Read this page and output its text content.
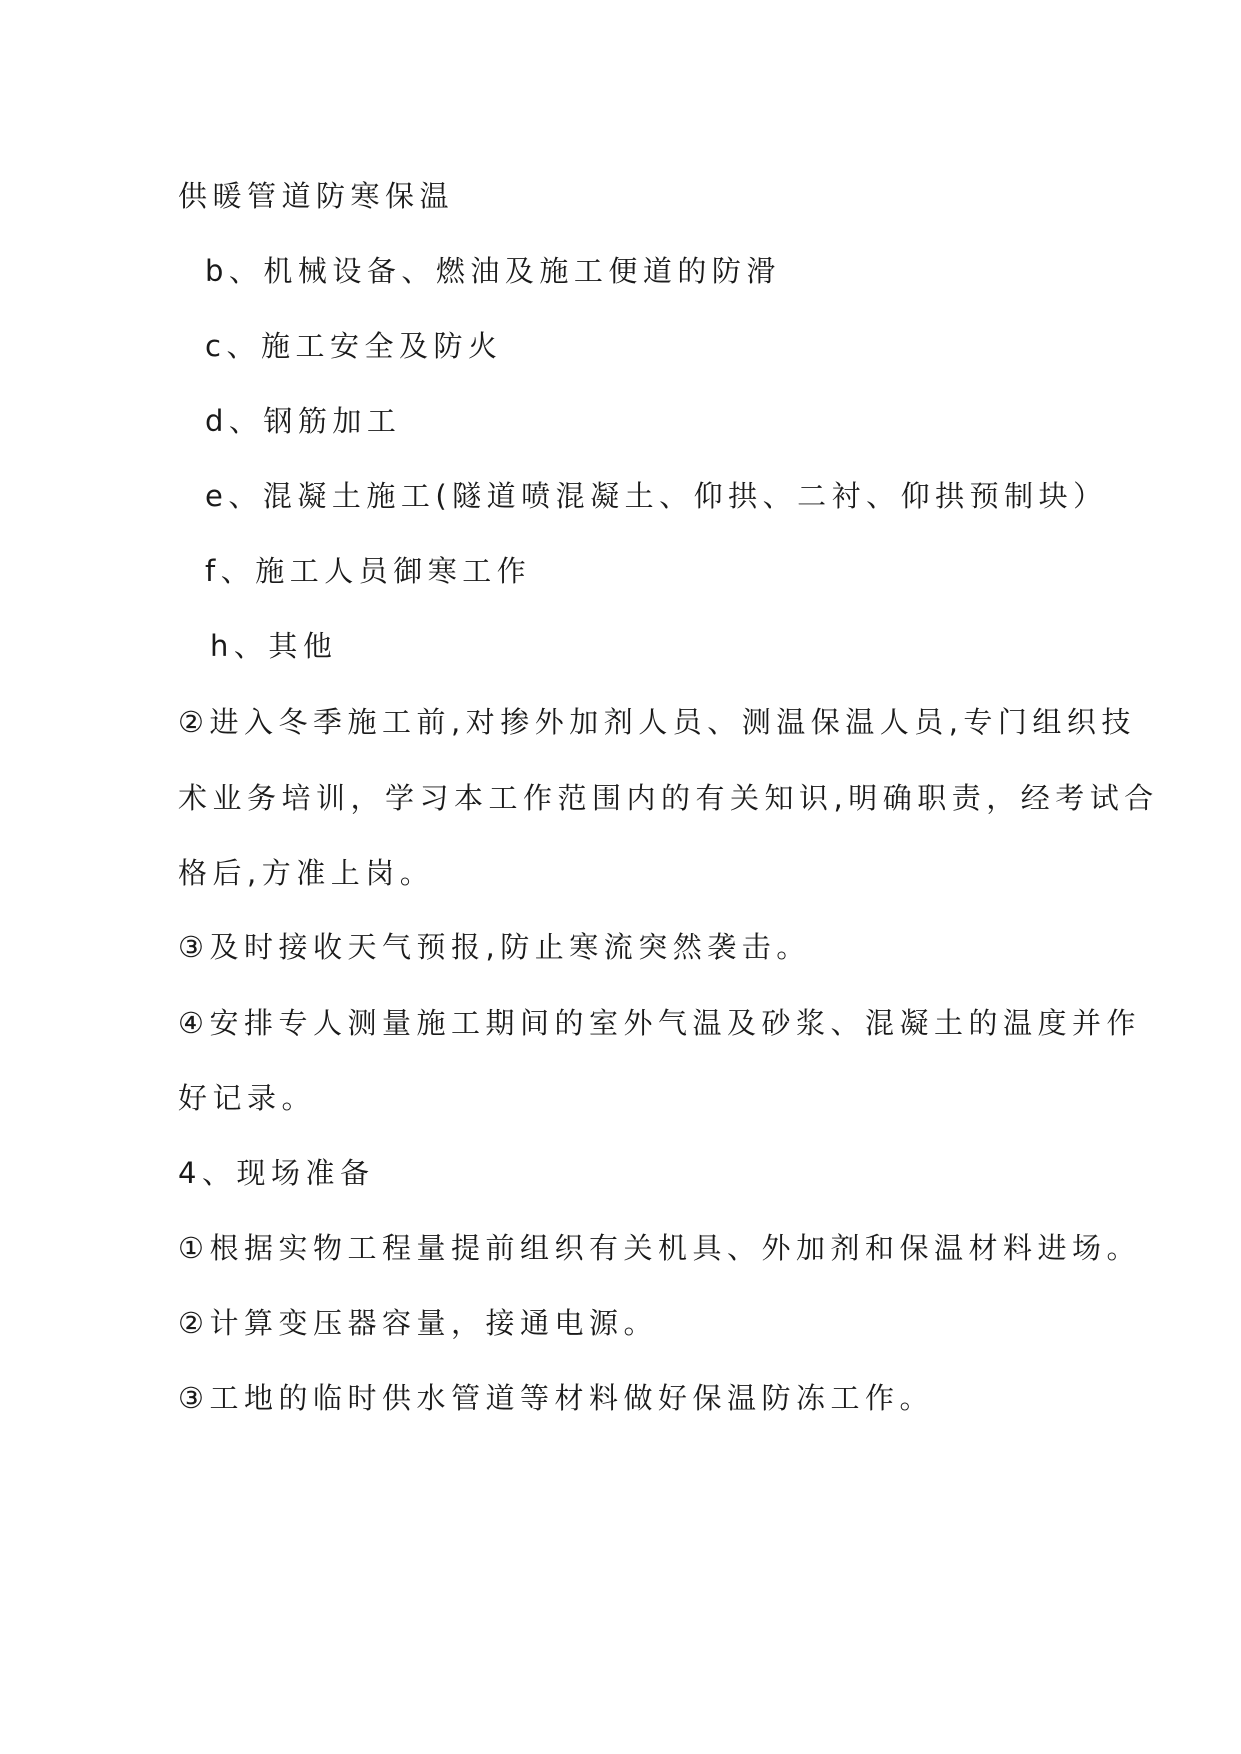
供暖管道防寒保温
b、机械设备、燃油及施工便道的防滑
c、施工安全及防火
d、钢筋加工
e、混凝土施工(隧道喷混凝土、仰拱、二衬、仰拱预制块）
f、施工人员御寒工作
h、其他
②进入冬季施工前,对掺外加剂人员、测温保温人员,专门组织技
术业务培训，学习本工作范围内的有关知识,明确职责，经考试合
格后,方准上岗。
③及时接收天气预报,防止寒流突然袭击。
④安排专人测量施工期间的室外气温及砂浆、混凝土的温度并作
好记录。
4、现场准备
①根据实物工程量提前组织有关机具、外加剂和保温材料进场。
②计算变压器容量，接通电源。
③工地的临时供水管道等材料做好保温防冻工作。
